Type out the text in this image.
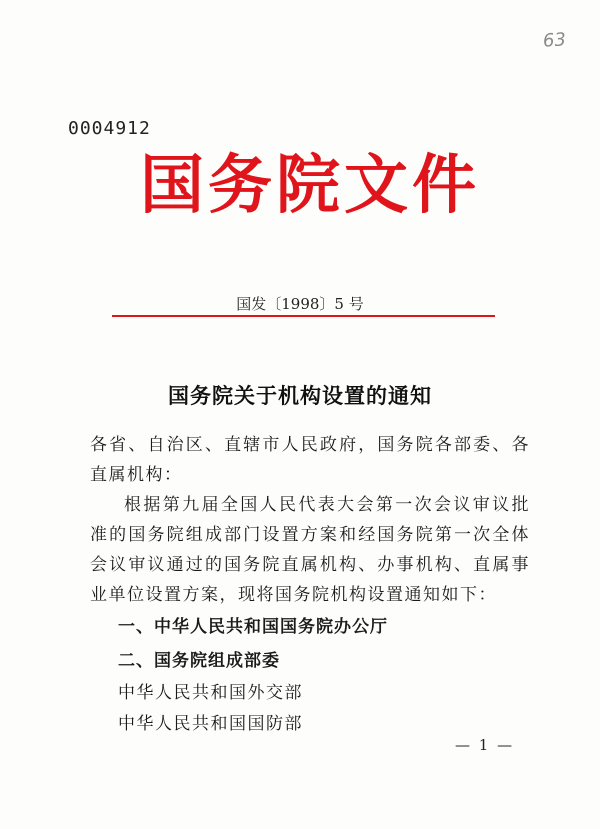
63
0004912
国务院文件
国发〔1998〕5 号
国务院关于机构设置的通知

各省、自治区、直辖市人民政府，国务院各部委、各直属机构：

根据第九届全国人民代表大会第一次会议审议批准的国务院组成部门设置方案和经国务院第一次全体会议审议通过的国务院直属机构、办事机构、直属事业单位设置方案，现将国务院机构设置通知如下：

一、中华人民共和国国务院办公厅

二、国务院组成部委

中华人民共和国外交部

中华人民共和国国防部

— 1 —
